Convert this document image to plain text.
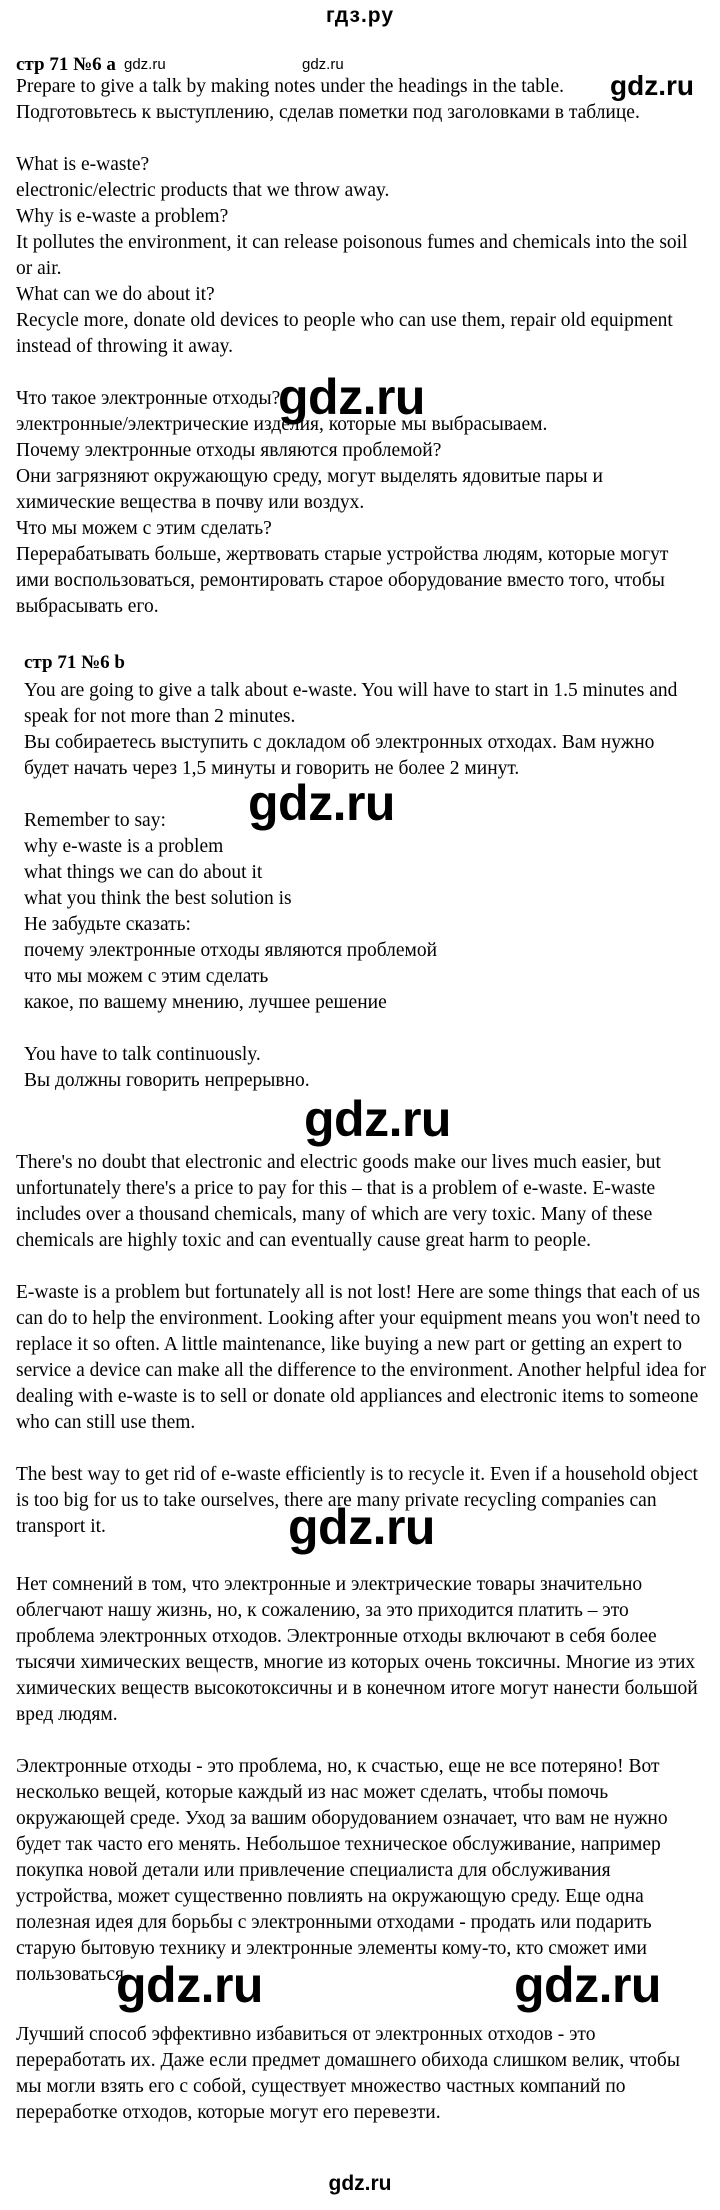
гдз.ру
стр 71 №6 a

Prepare to give a talk by making notes under the headings in the table.

Подготовьтесь к выступлению, сделав пометки под заголовками в таблице.

What is e-waste?

electronic/electric products that we throw away.

Why is e-waste a problem?

It pollutes the environment, it can release poisonous fumes and chemicals into the soil or air.

What can we do about it?

Recycle more, donate old devices to people who can use them, repair old equipment instead of throwing it away.

Что такое электронные отходы?

электронные/электрические изделия, которые мы выбрасываем.

Почему электронные отходы являются проблемой?

Они загрязняют окружающую среду, могут выделять ядовитые пары и химические вещества в почву или воздух.

Что мы можем с этим сделать?

Перерабатывать больше, жертвовать старые устройства людям, которые могут ими воспользоваться, ремонтировать старое оборудование вместо того, чтобы выбрасывать его.

стр 71 №6 b

You are going to give a talk about e-waste. You will have to start in 1.5 minutes and speak for not more than 2 minutes.

Вы собираетесь выступить с докладом об электронных отходах. Вам нужно будет начать через 1,5 минуты и говорить не более 2 минут.

Remember to say:

why e-waste is a problem

what things we can do about it

what you think the best solution is

Не забудьте сказать:

почему электронные отходы являются проблемой

что мы можем с этим сделать

какое, по вашему мнению, лучшее решение

You have to talk continuously.

Вы должны говорить непрерывно.

There's no doubt that electronic and electric goods make our lives much easier, but unfortunately there's a price to pay for this – that is a problem of e-waste. E-waste includes over a thousand chemicals, many of which are very toxic. Many of these chemicals are highly toxic and can eventually cause great harm to people.
E-waste is a problem but fortunately all is not lost! Here are some things that each of us can do to help the environment. Looking after your equipment means you won't need to replace it so often. A little maintenance, like buying a new part or getting an expert to service a device can make all the difference to the environment. Another helpful idea for dealing with e-waste is to sell or donate old appliances and electronic items to someone who can still use them.
The best way to get rid of e-waste efficiently is to recycle it. Even if a household object is too big for us to take ourselves, there are many private recycling companies can transport it.
Нет сомнений в том, что электронные и электрические товары значительно облегчают нашу жизнь, но, к сожалению, за это приходится платить – это проблема электронных отходов. Электронные отходы включают в себя более тысячи химических веществ, многие из которых очень токсичны. Многие из этих химических веществ высокотоксичны и в конечном итоге могут нанести большой вред людям.
Электронные отходы - это проблема, но, к счастью, еще не все потеряно! Вот несколько вещей, которые каждый из нас может сделать, чтобы помочь окружающей среде. Уход за вашим оборудованием означает, что вам не нужно будет так часто его менять. Небольшое техническое обслуживание, например покупка новой детали или привлечение специалиста для обслуживания устройства, может существенно повлиять на окружающую среду. Еще одна полезная идея для борьбы с электронными отходами - продать или подарить старую бытовую технику и электронные элементы кому-то, кто сможет ими пользоваться.
Лучший способ эффективно избавиться от электронных отходов - это переработать их. Даже если предмет домашнего обихода слишком велик, чтобы мы могли взять его с собой, существует множество частных компаний по переработке отходов, которые могут его перевезти.
gdz.ru	gdz.ru
gdz.ru
gdz.ru
gdz.ru
gdz.ru
gdz.ru
gdz.ru	gdz.ru
gdz.ru
